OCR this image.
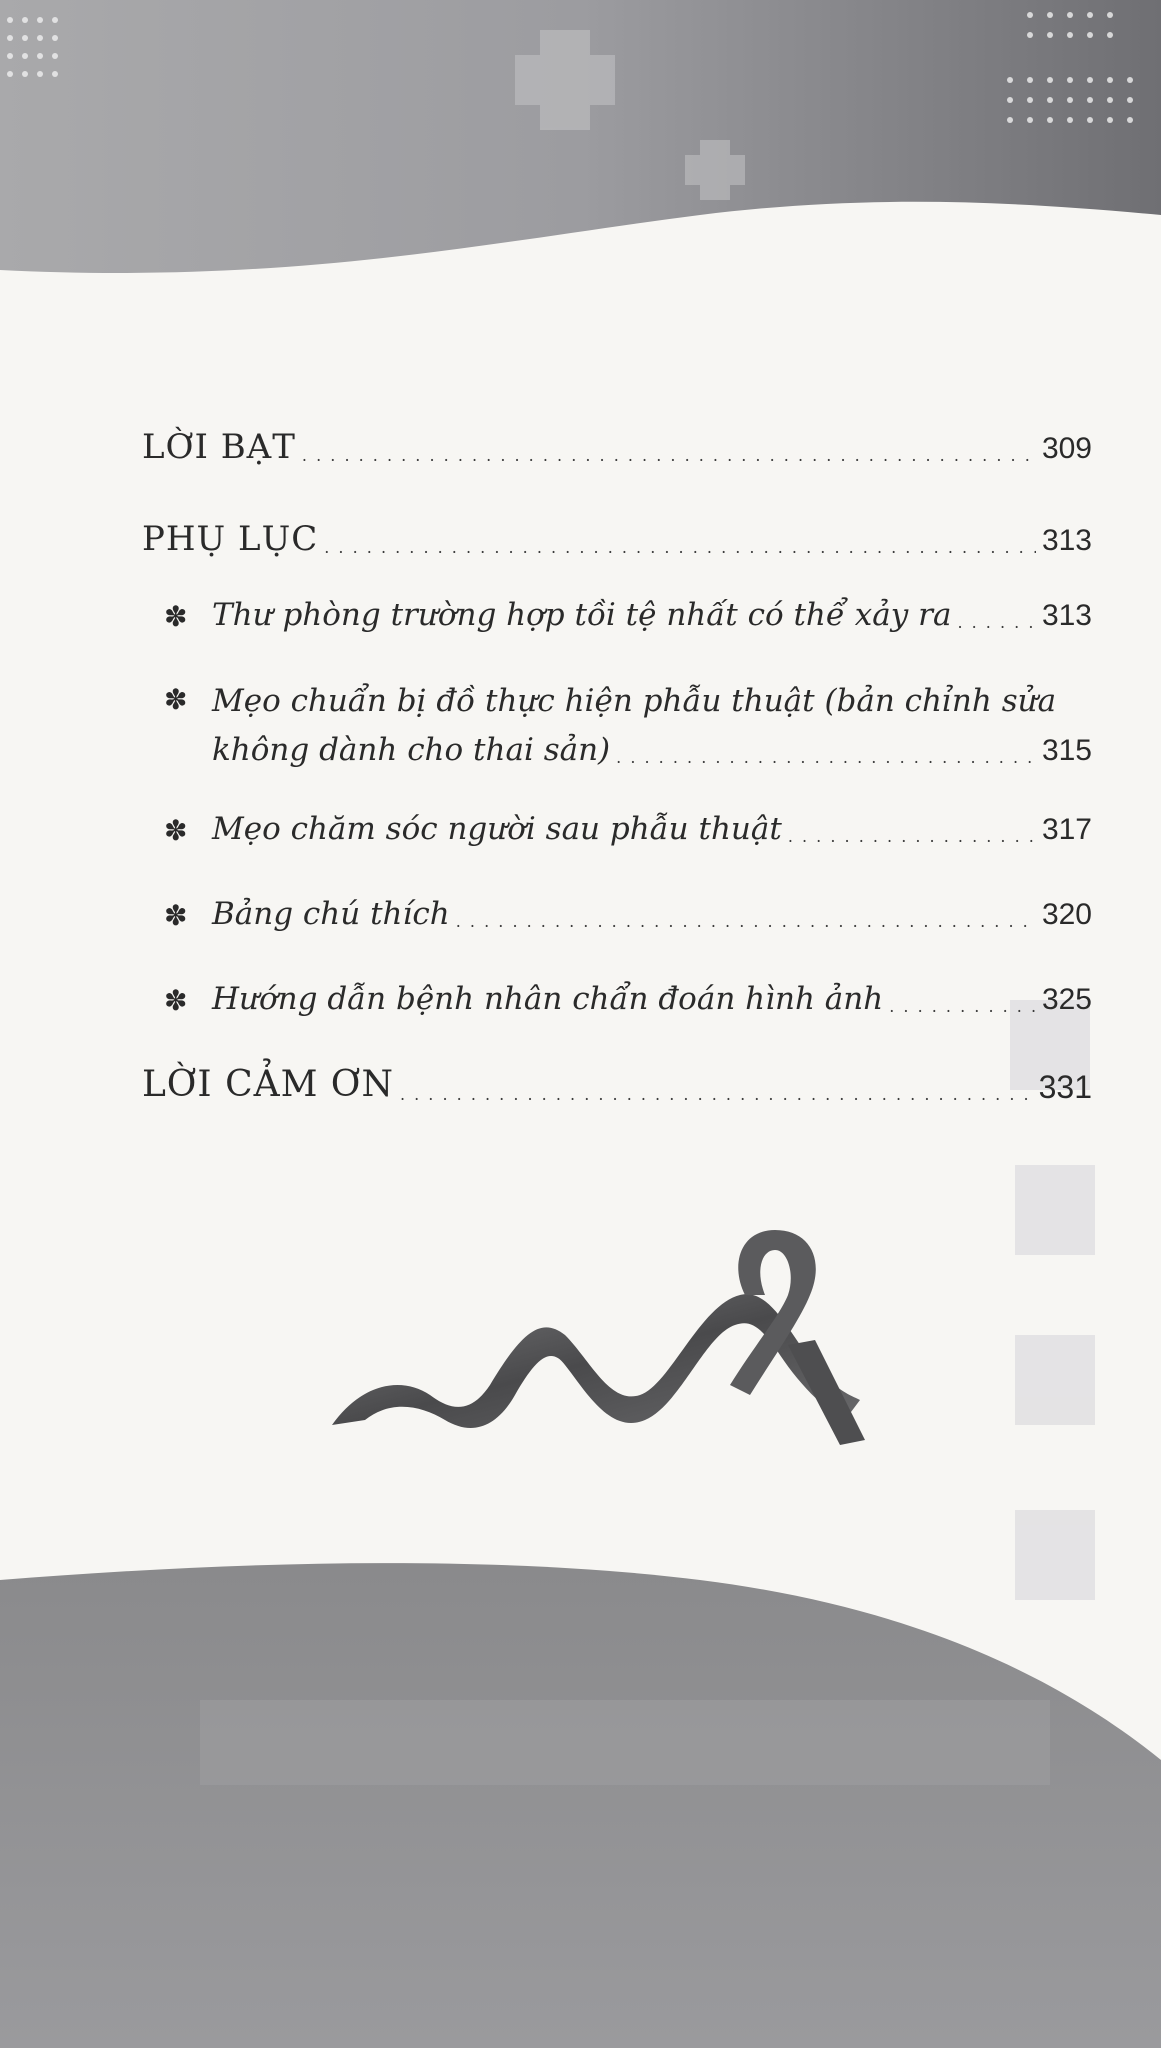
LỜI BẠT . . .	309
PHỤ LỤC . . .	313
✽ Thư phòng trường hợp tồi tệ nhất có thể xảy ra . . .	313
✽ Mẹo chuẩn bị đồ thực hiện phẫu thuật (bản chỉnh sửa
không dành cho thai sản) . . .	315
✽ Mẹo chăm sóc người sau phẫu thuật . . .	317
✽ Bảng chú thích . . .	320
✽ Hướng dẫn bệnh nhân chẩn đoán hình ảnh . . .	325
LỜI CẢM ƠN . . .	331
